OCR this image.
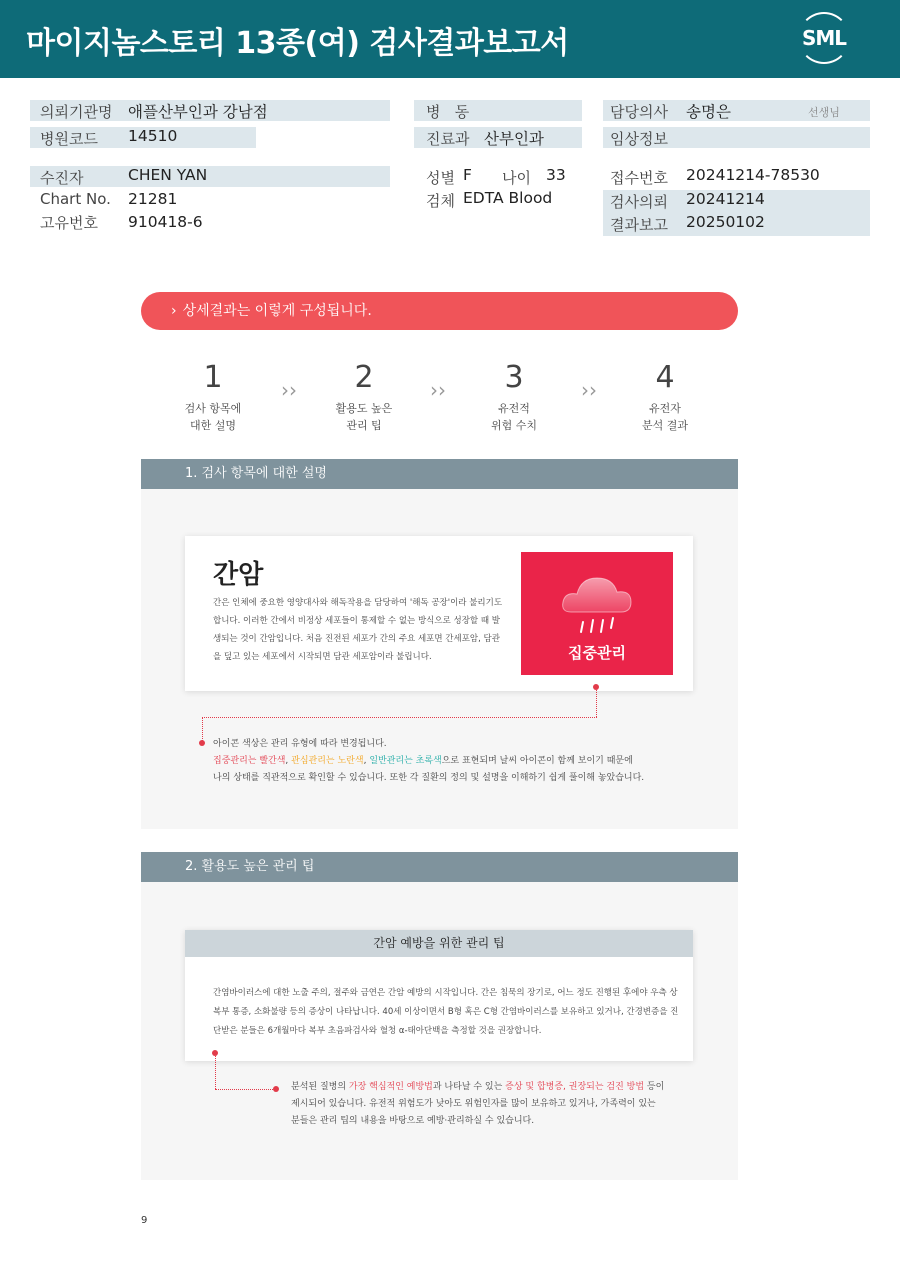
마이지놈스토리 13종(여) 검사결과보고서	SML
의뢰기관명 애플산부인과 강남점
병원코드 14510
병   동
진료과 산부인과
담당의사 송명은	선생님
임상정보
수진자	CHEN YAN
Chart No. 21281
고유번호 910418-6
성별 F 나이 33
검체 EDTA Blood
접수번호 20241214-78530
검사의뢰 20241214
결과보고 20250102
› 상세결과는 이렇게 구성됩니다.
1
검사 항목에
대한 설명
››	2
활용도 높은
관리 팁
››	3
유전적
위험 수치
››	4
유전자
분석 결과
1. 검사 항목에 대한 설명
간암
간은 인체에 중요한 영양대사와 해독작용을 담당하여 '해독 공장'이라 불리기도 합니다. 이러한 간에서 비정상 세포들이 통제할 수 없는 방식으로 성장할 때 발생되는 것이 간암입니다. 처음 진전된 세포가 간의 주요 세포면 간세포암, 담관을 덮고 있는 세포에서 시작되면 담관 세포암이라 불립니다.	집중관리
아이콘 색상은 관리 유형에 따라 변경됩니다.
집중관리는 빨간색, 관심관리는 노란색, 일반관리는 초록색으로 표현되며 날씨 아이콘이 함께 보이기 때문에
나의 상태를 직관적으로 확인할 수 있습니다. 또한 각 질환의 정의 및 설명을 이해하기 쉽게 풀이해 놓았습니다.
2. 활용도 높은 관리 팁
간암 예방을 위한 관리 팁
간염바이러스에 대한 노출 주의, 절주와 금연은 간암 예방의 시작입니다. 간은 침묵의 장기로, 어느 정도 진행된 후에야 우측 상복부 통증, 소화불량 등의 증상이 나타납니다. 40세 이상이면서 B형 혹은 C형 간염바이러스를 보유하고 있거나, 간경변증을 진단받은 분들은 6개월마다 복부 초음파검사와 혈청 α-태아단백을 측정할 것을 권장합니다.
분석된 질병의 가장 핵심적인 예방법과 나타날 수 있는 증상 및 합병증, 권장되는 검진 방법 등이
제시되어 있습니다. 유전적 위험도가 낮아도 위험인자를 많이 보유하고 있거나, 가족력이 있는
분들은 관리 팁의 내용을 바탕으로 예방·관리하실 수 있습니다.
9
